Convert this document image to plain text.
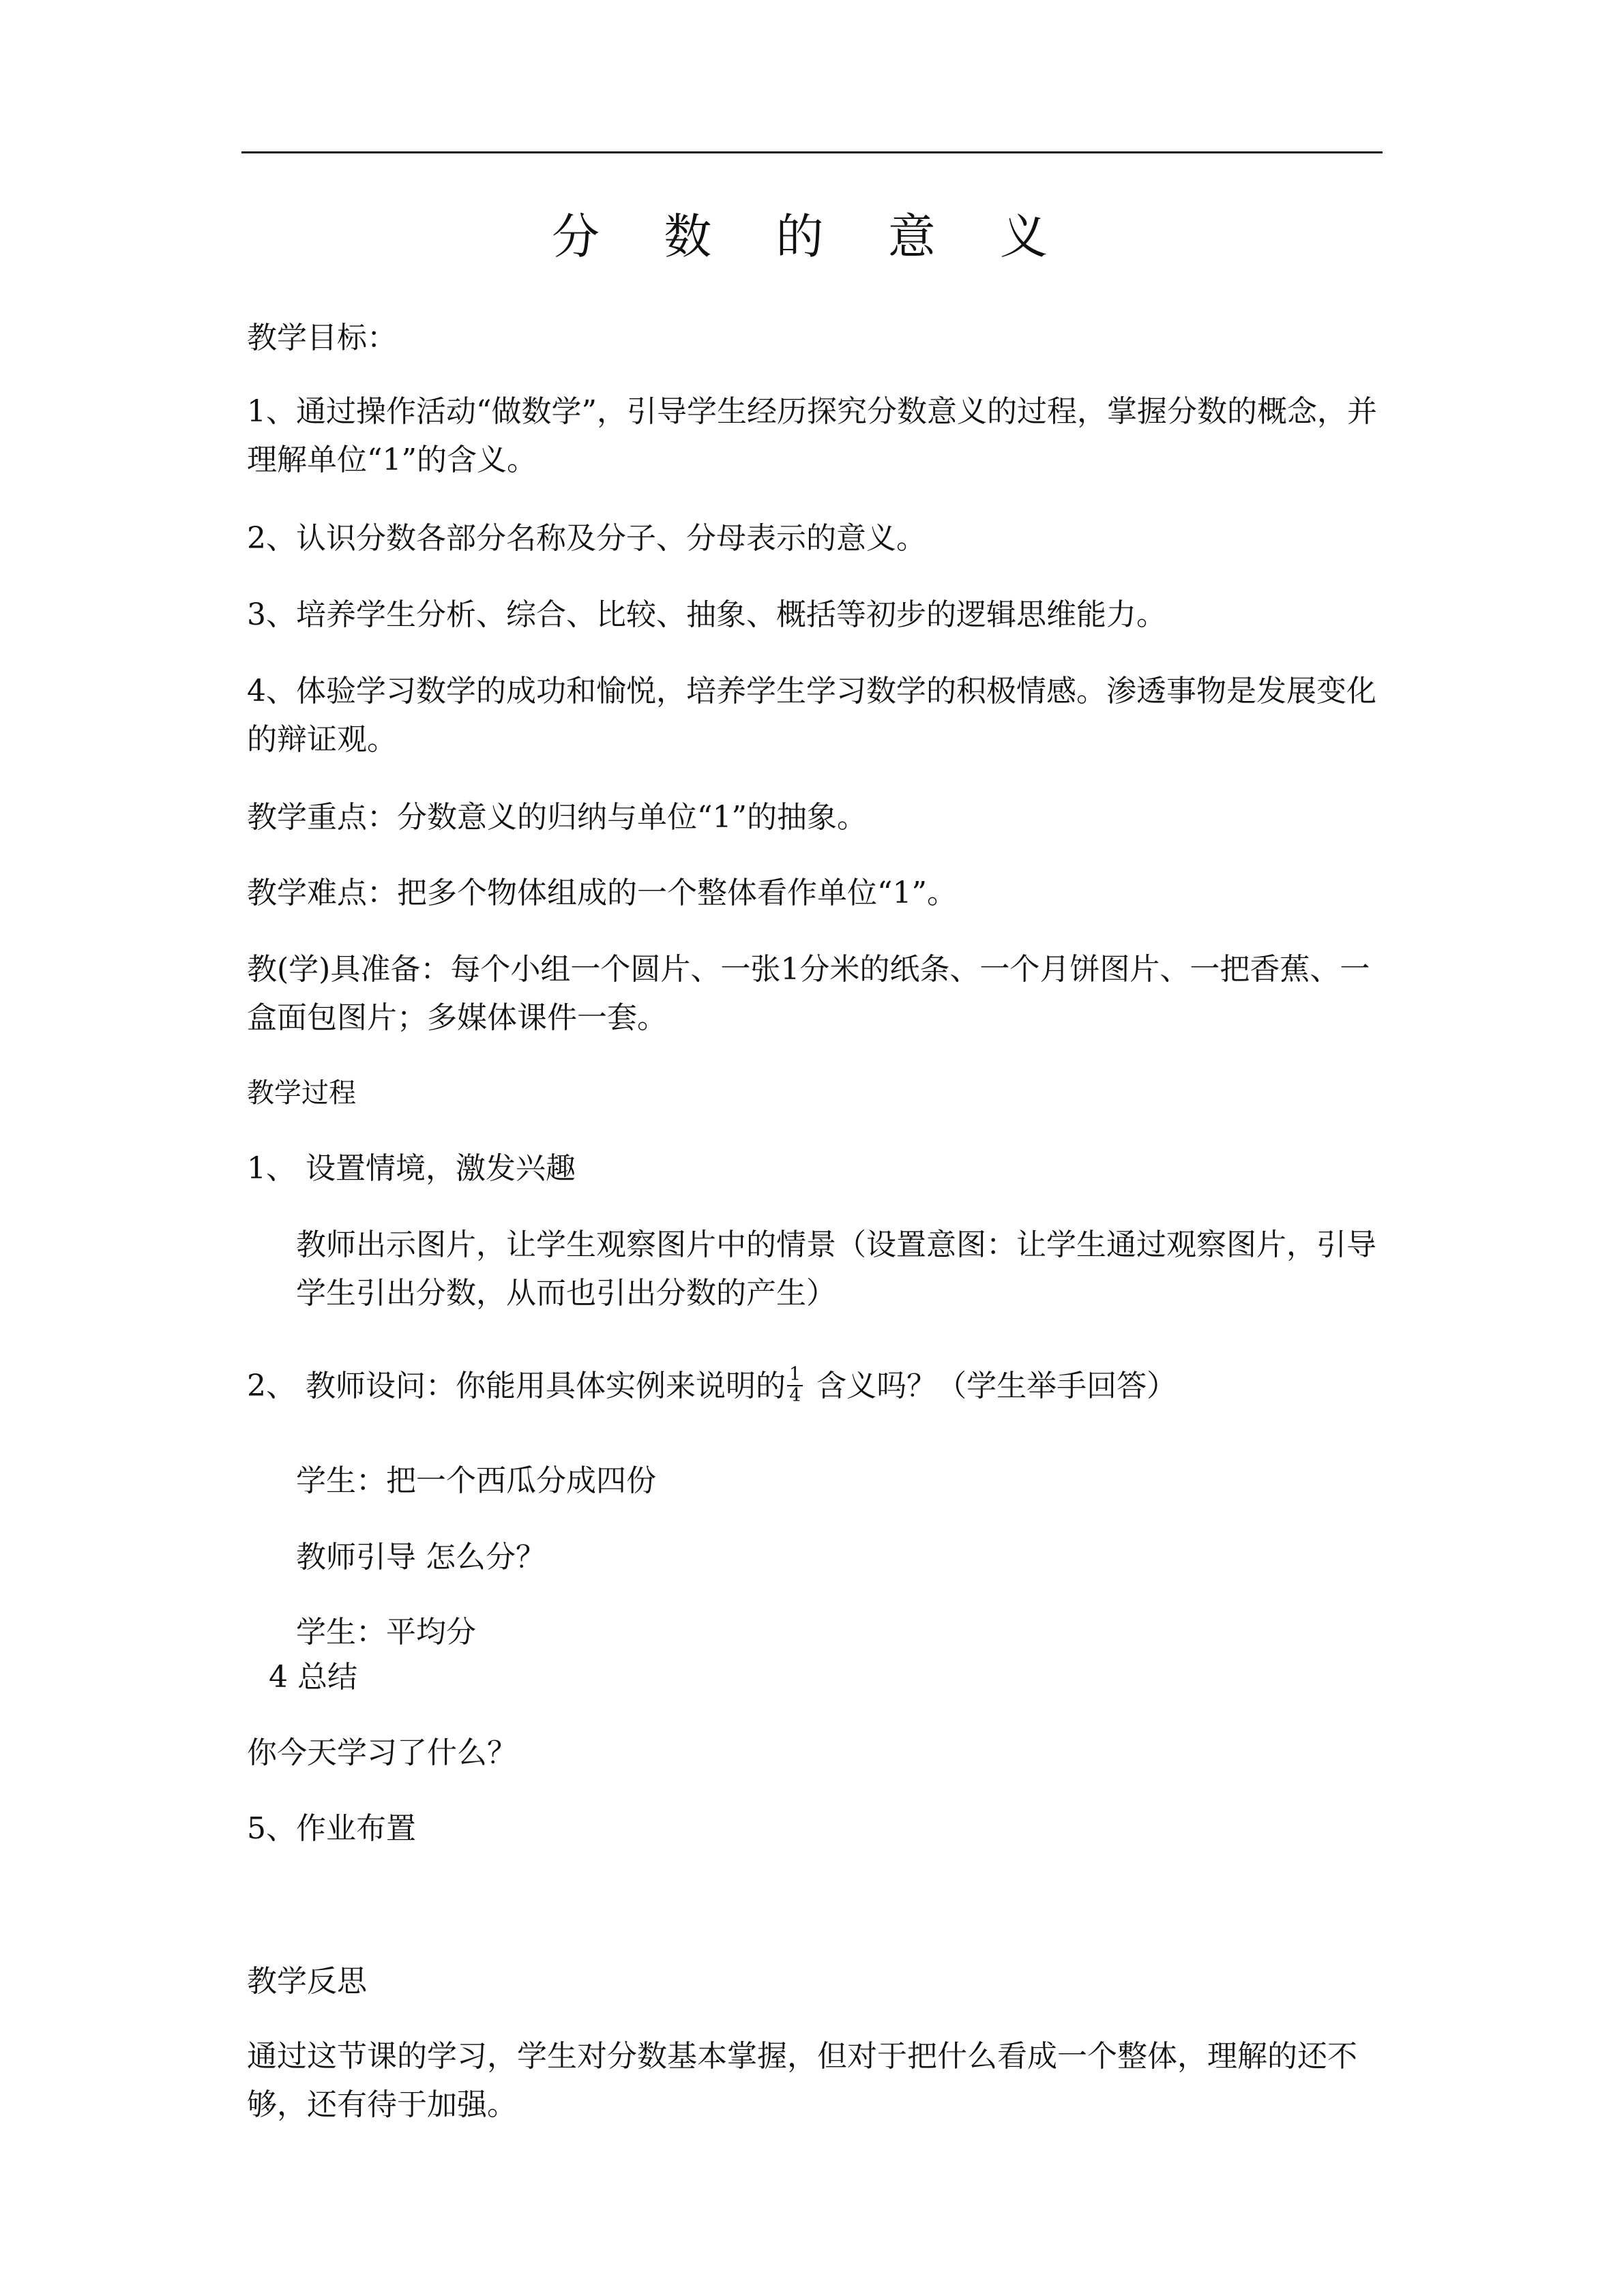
分 数 的 意 义

教学目标：

1、通过操作活动“做数学”，引导学生经历探究分数意义的过程，掌握分数的概念，并理解单位“1”的含义。

2、认识分数各部分名称及分子、分母表示的意义。

3、培养学生分析、综合、比较、抽象、概括等初步的逻辑思维能力。

4、体验学习数学的成功和愉悦，培养学生学习数学的积极情感。渗透事物是发展变化的辩证观。

教学重点：分数意义的归纳与单位“1”的抽象。

教学难点：把多个物体组成的一个整体看作单位“1”。

教(学)具准备：每个小组一个圆片、一张1分米的纸条、一个月饼图片、一把香蕉、一盒面包图片；多媒体课件一套。

教学过程

1、 设置情境，激发兴趣

教师出示图片，让学生观察图片中的情景（设置意图：让学生通过观察图片，引导学生引出分数，从而也引出分数的产生）

2、 教师设问：你能用具体实例来说明的 $\frac{1}{4}$ 含义吗？（学生举手回答）

学生：把一个西瓜分成四份

教师引导 怎么分？

学生：平均分

4 总结

你今天学习了什么？

5、作业布置

教学反思

通过这节课的学习，学生对分数基本掌握，但对于把什么看成一个整体，理解的还不够，还有待于加强。
